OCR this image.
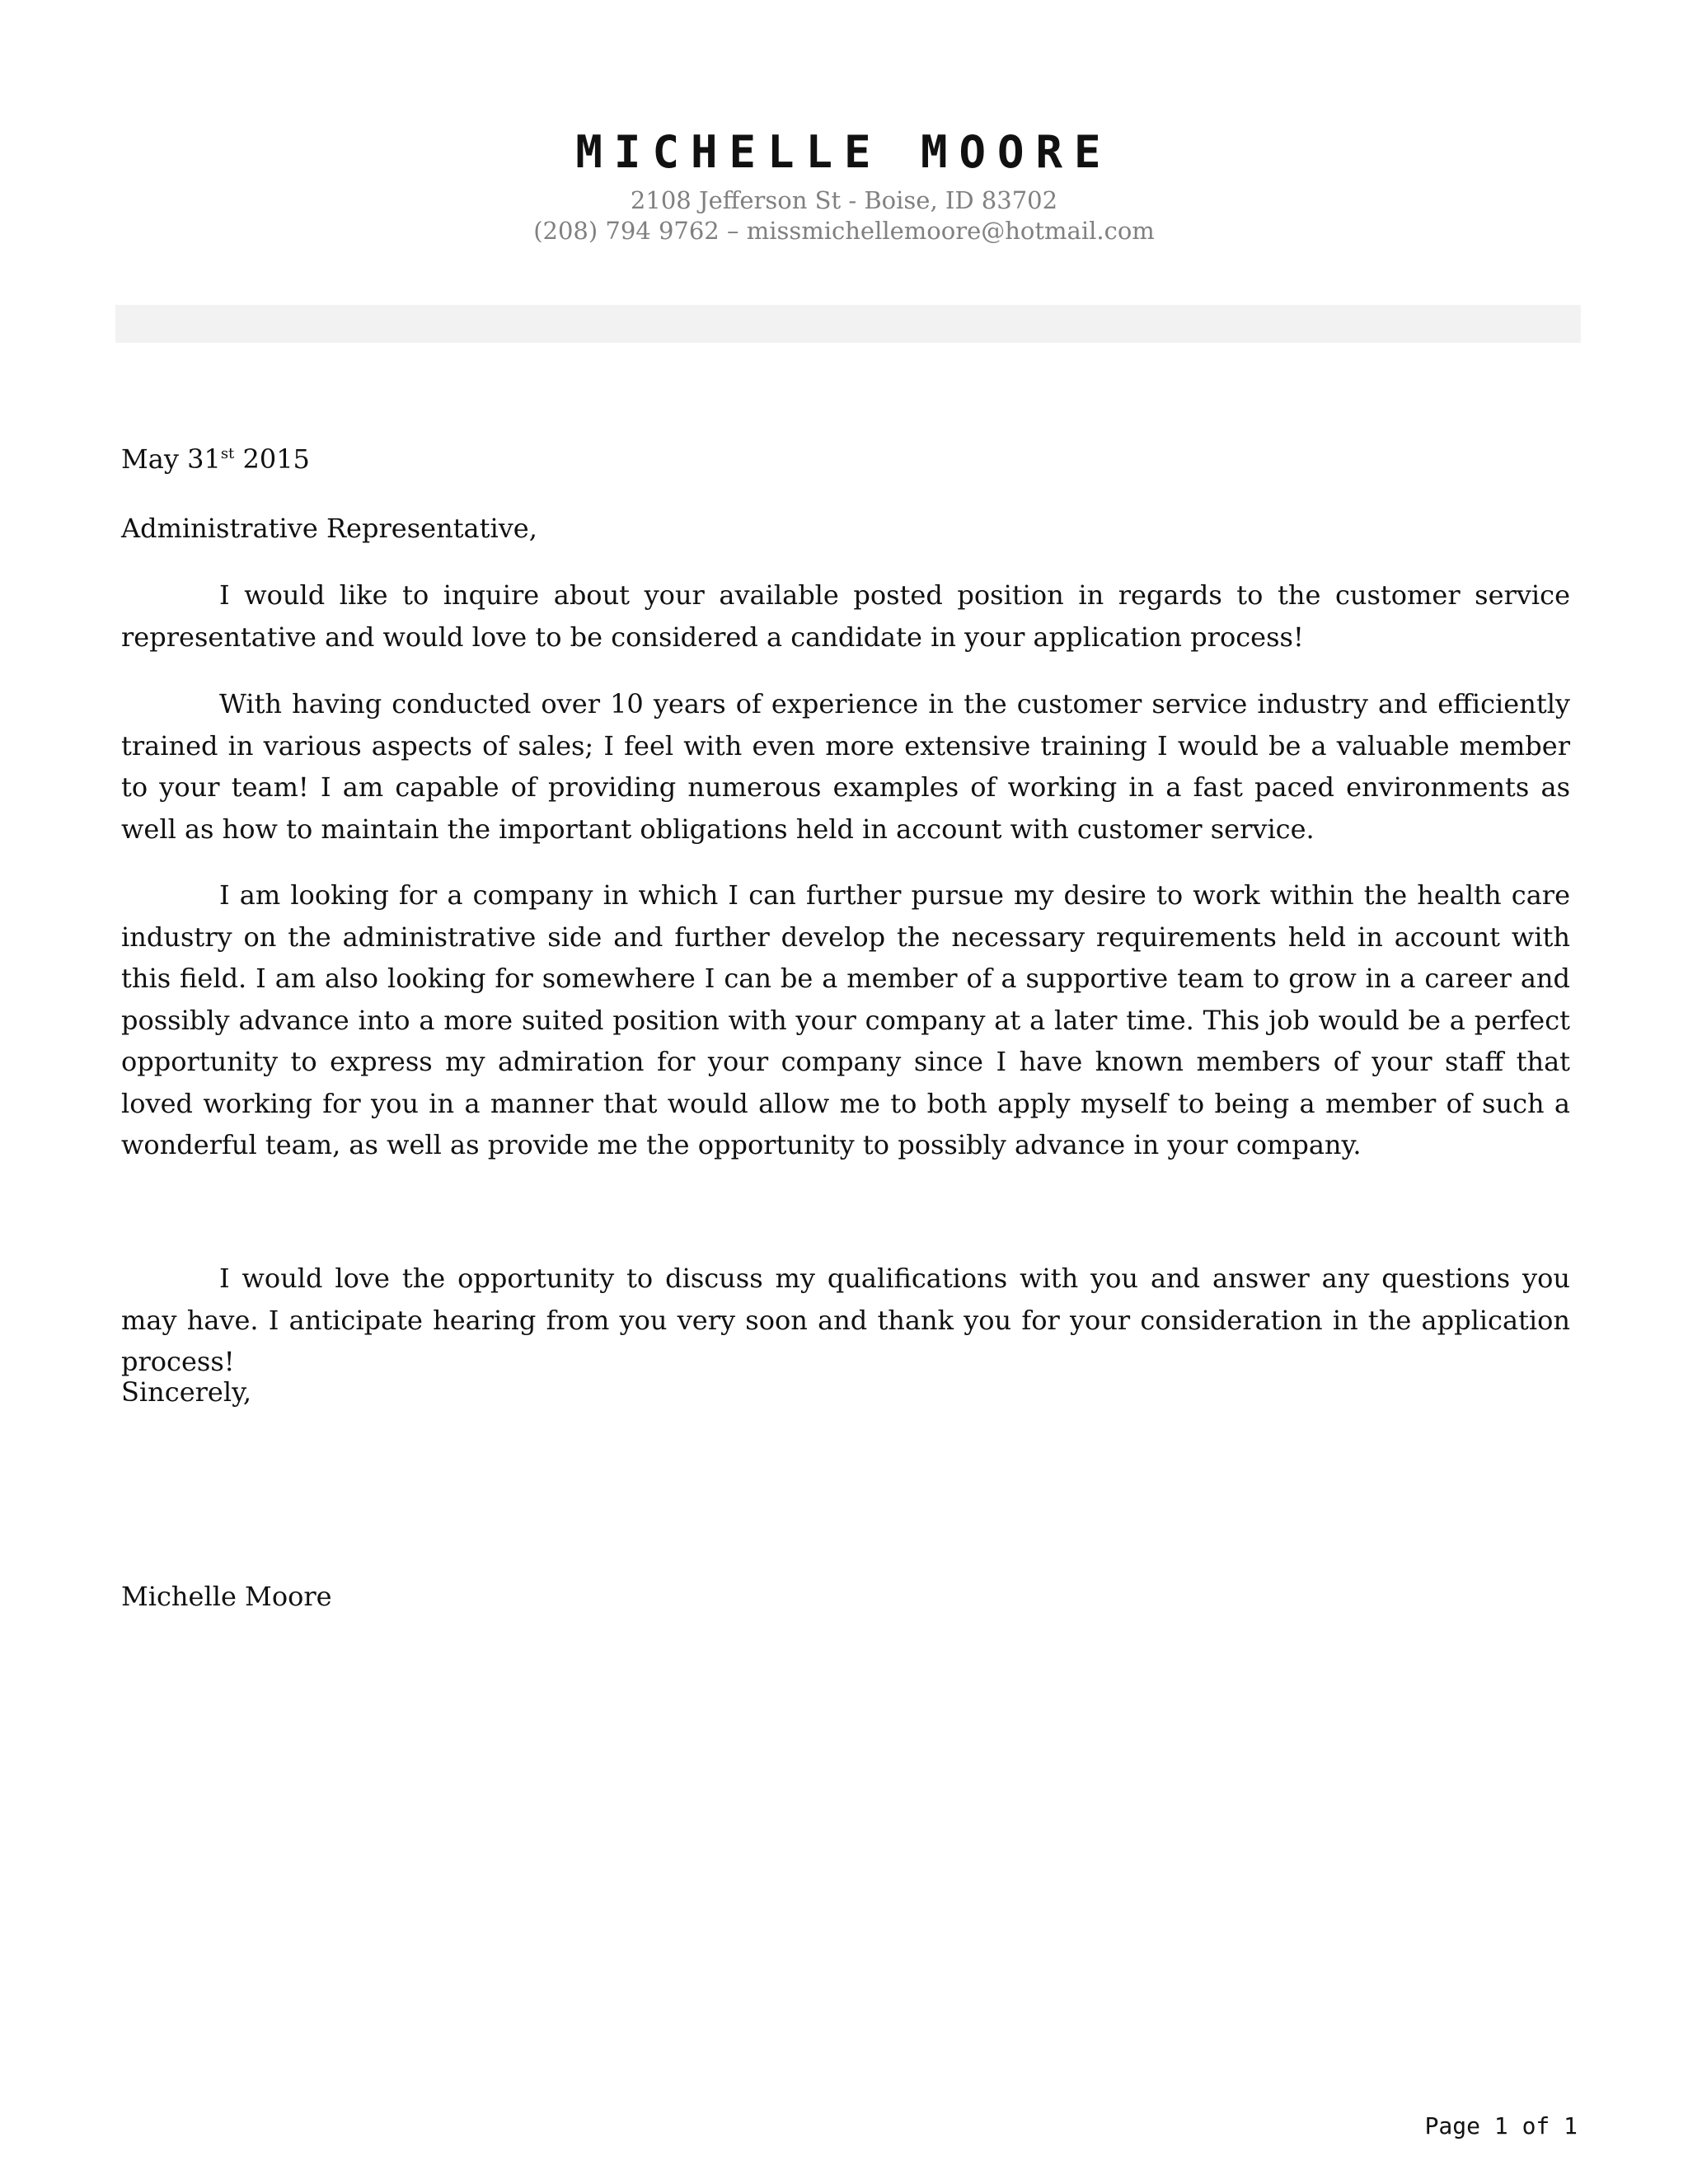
MICHELLE MOORE
2108 Jefferson St - Boise, ID 83702
(208) 794 9762 – missmichellemoore@hotmail.com

May 31st 2015

Administrative Representative,

I would like to inquire about your available posted position in regards to the customer service representative and would love to be considered a candidate in your application process!

With having conducted over 10 years of experience in the customer service industry and efficiently trained in various aspects of sales; I feel with even more extensive training I would be a valuable member to your team! I am capable of providing numerous examples of working in a fast paced environments as well as how to maintain the important obligations held in account with customer service.

I am looking for a company in which I can further pursue my desire to work within the health care industry on the administrative side and further develop the necessary requirements held in account with this field. I am also looking for somewhere I can be a member of a supportive team to grow in a career and possibly advance into a more suited position with your company at a later time. This job would be a perfect opportunity to express my admiration for your company since I have known members of your staff that loved working for you in a manner that would allow me to both apply myself to being a member of such a wonderful team, as well as provide me the opportunity to possibly advance in your company.

I would love the opportunity to discuss my qualifications with you and answer any questions you may have. I anticipate hearing from you very soon and thank you for your consideration in the application process!

Sincerely,

Michelle Moore

Page 1 of 1
